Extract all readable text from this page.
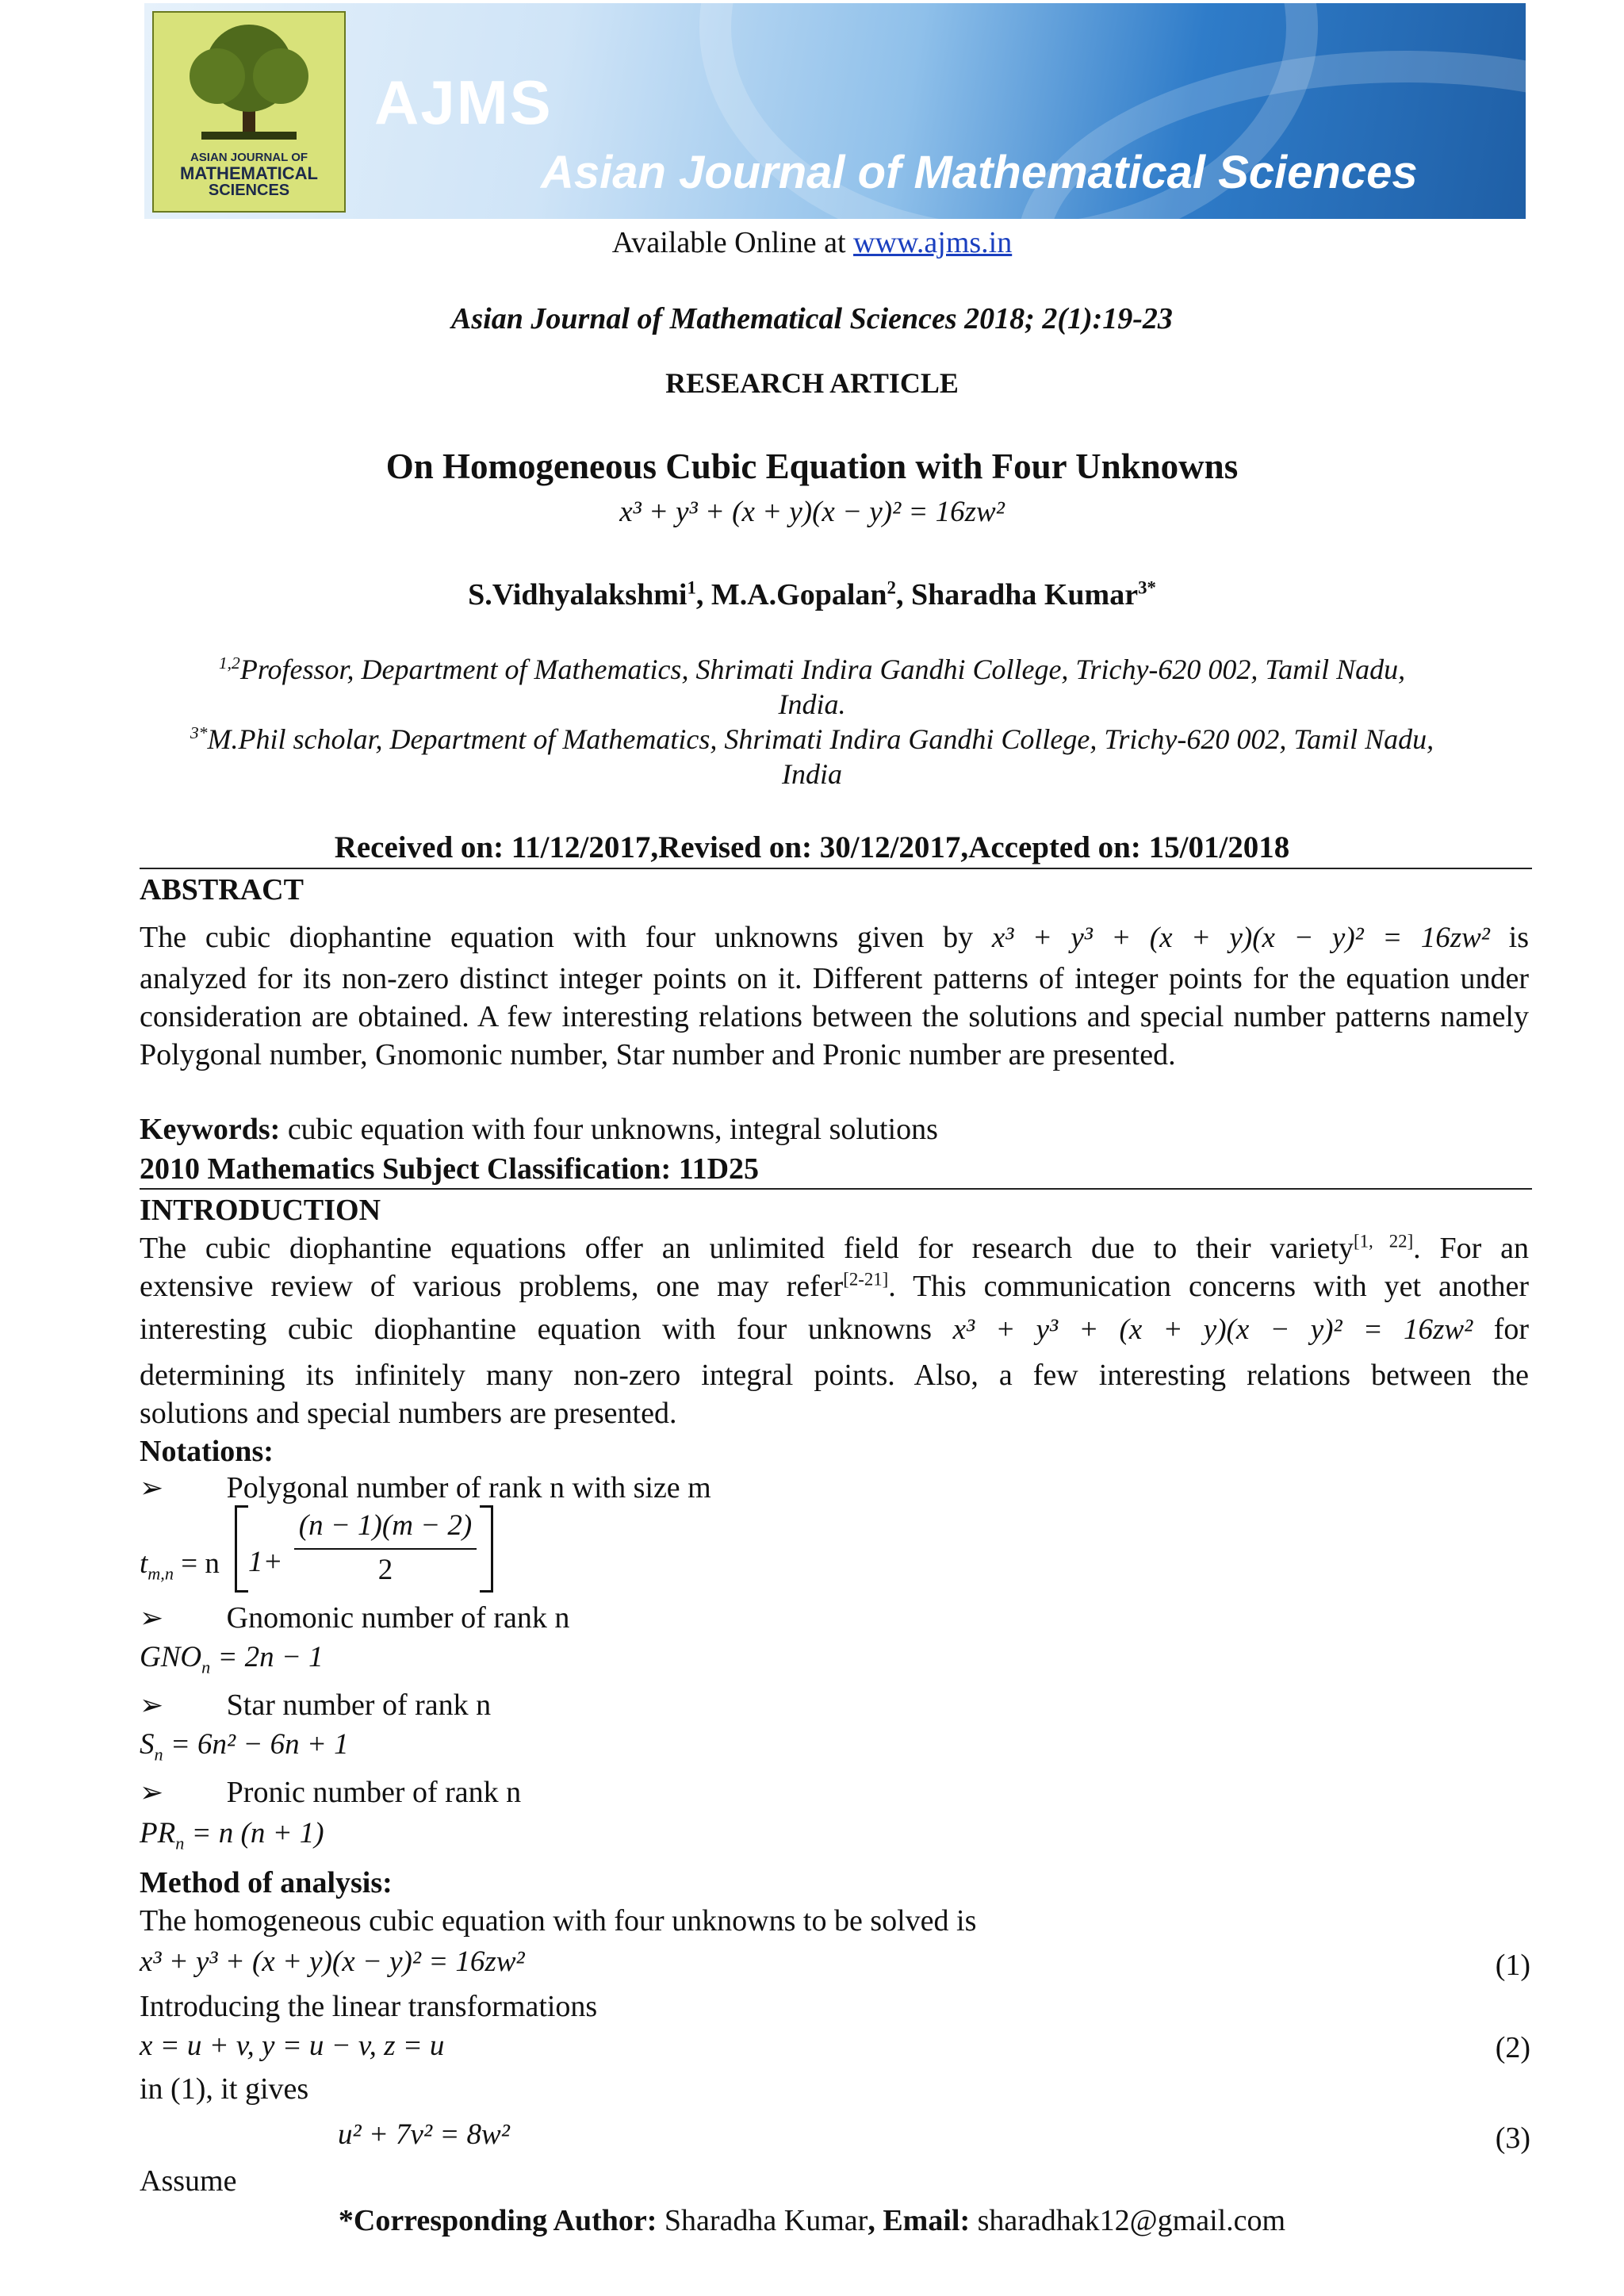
ASIAN JOURNAL OF
MATHEMATICAL
SCIENCES
AJMS
Asian Journal of Mathematical Sciences
Available Online at www.ajms.in
Asian Journal of Mathematical Sciences 2018; 2(1):19-23
RESEARCH ARTICLE
On Homogeneous Cubic Equation with Four Unknowns
x³ + y³ + (x + y)(x − y)² = 16zw²
S.Vidhyalakshmi$^1$, M.A.Gopalan$^2$, Sharadha Kumar$^{3*}$
$^{1,2}$Professor, Department of Mathematics, Shrimati Indira Gandhi College, Trichy-620 002, Tamil Nadu,
India.
$^{3*}$M.Phil scholar, Department of Mathematics, Shrimati Indira Gandhi College, Trichy-620 002, Tamil Nadu,
India
Received on: 11/12/2017,Revised on: 30/12/2017,Accepted on: 15/01/2018
ABSTRACT
The cubic diophantine equation with four unknowns given by x³ + y³ + (x + y)(x − y)² = 16zw² is
analyzed for its non-zero distinct integer points on it. Different patterns of integer points for the equation under consideration are obtained. A few interesting relations between the solutions and special number patterns namely Polygonal number, Gnomonic number, Star number and Pronic number are presented.
Keywords: cubic equation with four unknowns, integral solutions
2010 Mathematics Subject Classification: 11D25
INTRODUCTION
The cubic diophantine equations offer an unlimited field for research due to their variety[1, 22]. For an
extensive review of various problems, one may refer[2-21]. This communication concerns with yet another
interesting cubic diophantine equation with four unknowns x³ + y³ + (x + y)(x − y)² = 16zw² for
determining its infinitely many non-zero integral points. Also, a few interesting relations between the
solutions and special numbers are presented.
Notations:
➢ Polygonal number of rank n with size m
$t_{m,n} = n$ 1+
(n − 1)(m − 2)
2
➢ Gnomonic number of rank n
$GNO_n = 2n - 1$
➢ Star number of rank n
$S_n = 6n^2 - 6n + 1$
➢ Pronic number of rank n
$PR_n = n$ (n + 1)
Method of analysis:
The homogeneous cubic equation with four unknowns to be solved is
x³ + y³ + (x + y)(x − y)² = 16zw²	(1)
Introducing the linear transformations
x = u + v, y = u − v, z = u	(2)
in (1), it gives
u² + 7v² = 8w²	(3)
Assume
*Corresponding Author: Sharadha Kumar, Email: sharadhak12@gmail.com
